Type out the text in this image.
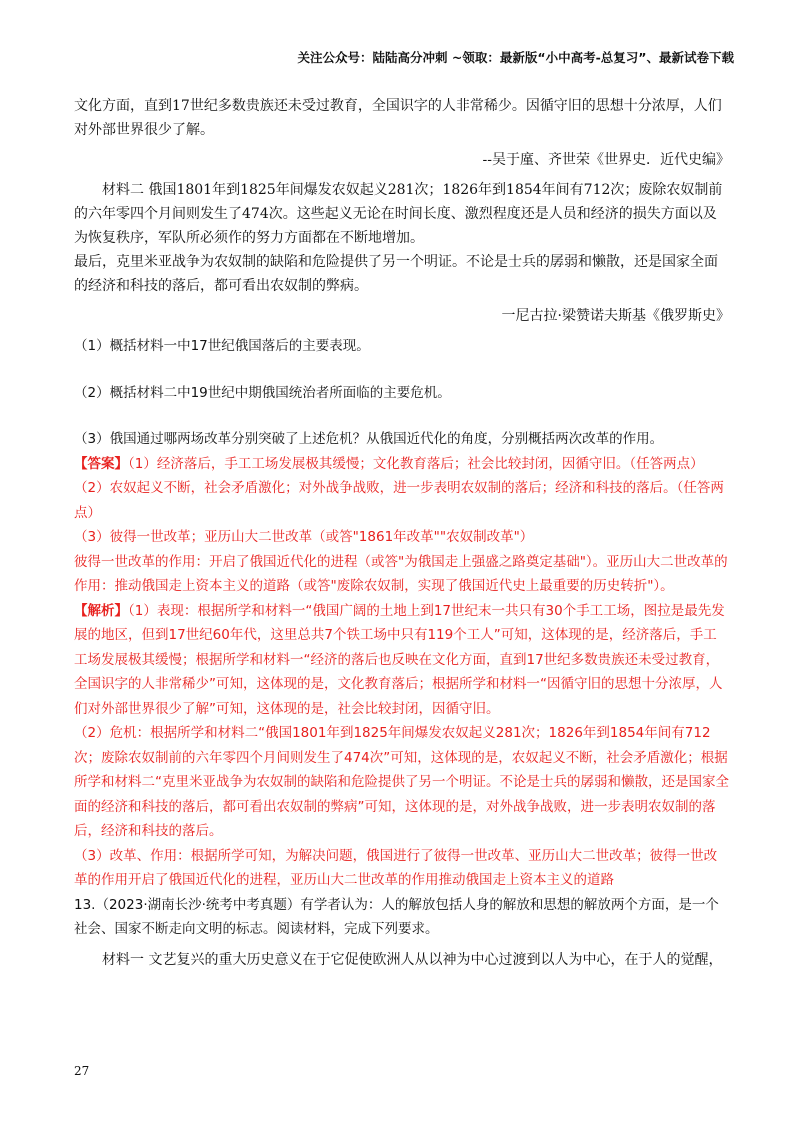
关注公众号：陆陆高分冲刺 ~领取：最新版“小中高考-总复习”、最新试卷下载

文化方面，直到17世纪多数贵族还未受过教育，全国识字的人非常稀少。因循守旧的思想十分浓厚，人们对外部世界很少了解。

--吴于廑、齐世荣《世界史．近代史编》

材料二 俄国1801年到1825年间爆发农奴起义281次；1826年到1854年间有712次；废除农奴制前的六年零四个月间则发生了474次。这些起义无论在时间长度、激烈程度还是人员和经济的损失方面以及为恢复秩序，军队所必须作的努力方面都在不断地增加。

最后，克里米亚战争为农奴制的缺陷和危险提供了另一个明证。不论是士兵的孱弱和懒散，还是国家全面的经济和科技的落后，都可看出农奴制的弊病。

一尼古拉·梁赞诺夫斯基《俄罗斯史》

（1）概括材料一中17世纪俄国落后的主要表现。

（2）概括材料二中19世纪中期俄国统治者所面临的主要危机。

（3）俄国通过哪两场改革分别突破了上述危机？从俄国近代化的角度，分别概括两次改革的作用。

【答案】（1）经济落后，手工工场发展极其缓慢；文化教育落后；社会比较封闭，因循守旧。（任答两点）

（2）农奴起义不断，社会矛盾激化；对外战争战败，进一步表明农奴制的落后；经济和科技的落后。（任答两点）

（3）彼得一世改革；亚历山大二世改革（或答"1861年改革""农奴制改革"）

彼得一世改革的作用：开启了俄国近代化的进程（或答"为俄国走上强盛之路奠定基础"）。亚历山大二世改革的作用：推动俄国走上资本主义的道路（或答"废除农奴制，实现了俄国近代史上最重要的历史转折"）。

【解析】（1）表现：根据所学和材料一“俄国广阔的土地上到17世纪末一共只有30个手工工场，图拉是最先发展的地区，但到17世纪60年代，这里总共7个铁工场中只有119个工人”可知，这体现的是，经济落后，手工工场发展极其缓慢；根据所学和材料一“经济的落后也反映在文化方面，直到17世纪多数贵族还未受过教育，全国识字的人非常稀少”可知，这体现的是，文化教育落后；根据所学和材料一“因循守旧的思想十分浓厚，人们对外部世界很少了解”可知，这体现的是，社会比较封闭，因循守旧。

（2）危机：根据所学和材料二“俄国1801年到1825年间爆发农奴起义281次；1826年到1854年间有712次；废除农奴制前的六年零四个月间则发生了474次”可知，这体现的是，农奴起义不断，社会矛盾激化；根据所学和材料二“克里米亚战争为农奴制的缺陷和危险提供了另一个明证。不论是士兵的孱弱和懒散，还是国家全面的经济和科技的落后，都可看出农奴制的弊病”可知，这体现的是，对外战争战败，进一步表明农奴制的落后，经济和科技的落后。

（3）改革、作用：根据所学可知，为解决问题，俄国进行了彼得一世改革、亚历山大二世改革；彼得一世改革的作用开启了俄国近代化的进程，亚历山大二世改革的作用推动俄国走上资本主义的道路

13.（2023·湖南长沙·统考中考真题）有学者认为：人的解放包括人身的解放和思想的解放两个方面，是一个社会、国家不断走向文明的标志。阅读材料，完成下列要求。

材料一 文艺复兴的重大历史意义在于它促使欧洲人从以神为中心过渡到以人为中心，在于人的觉醒，

27
